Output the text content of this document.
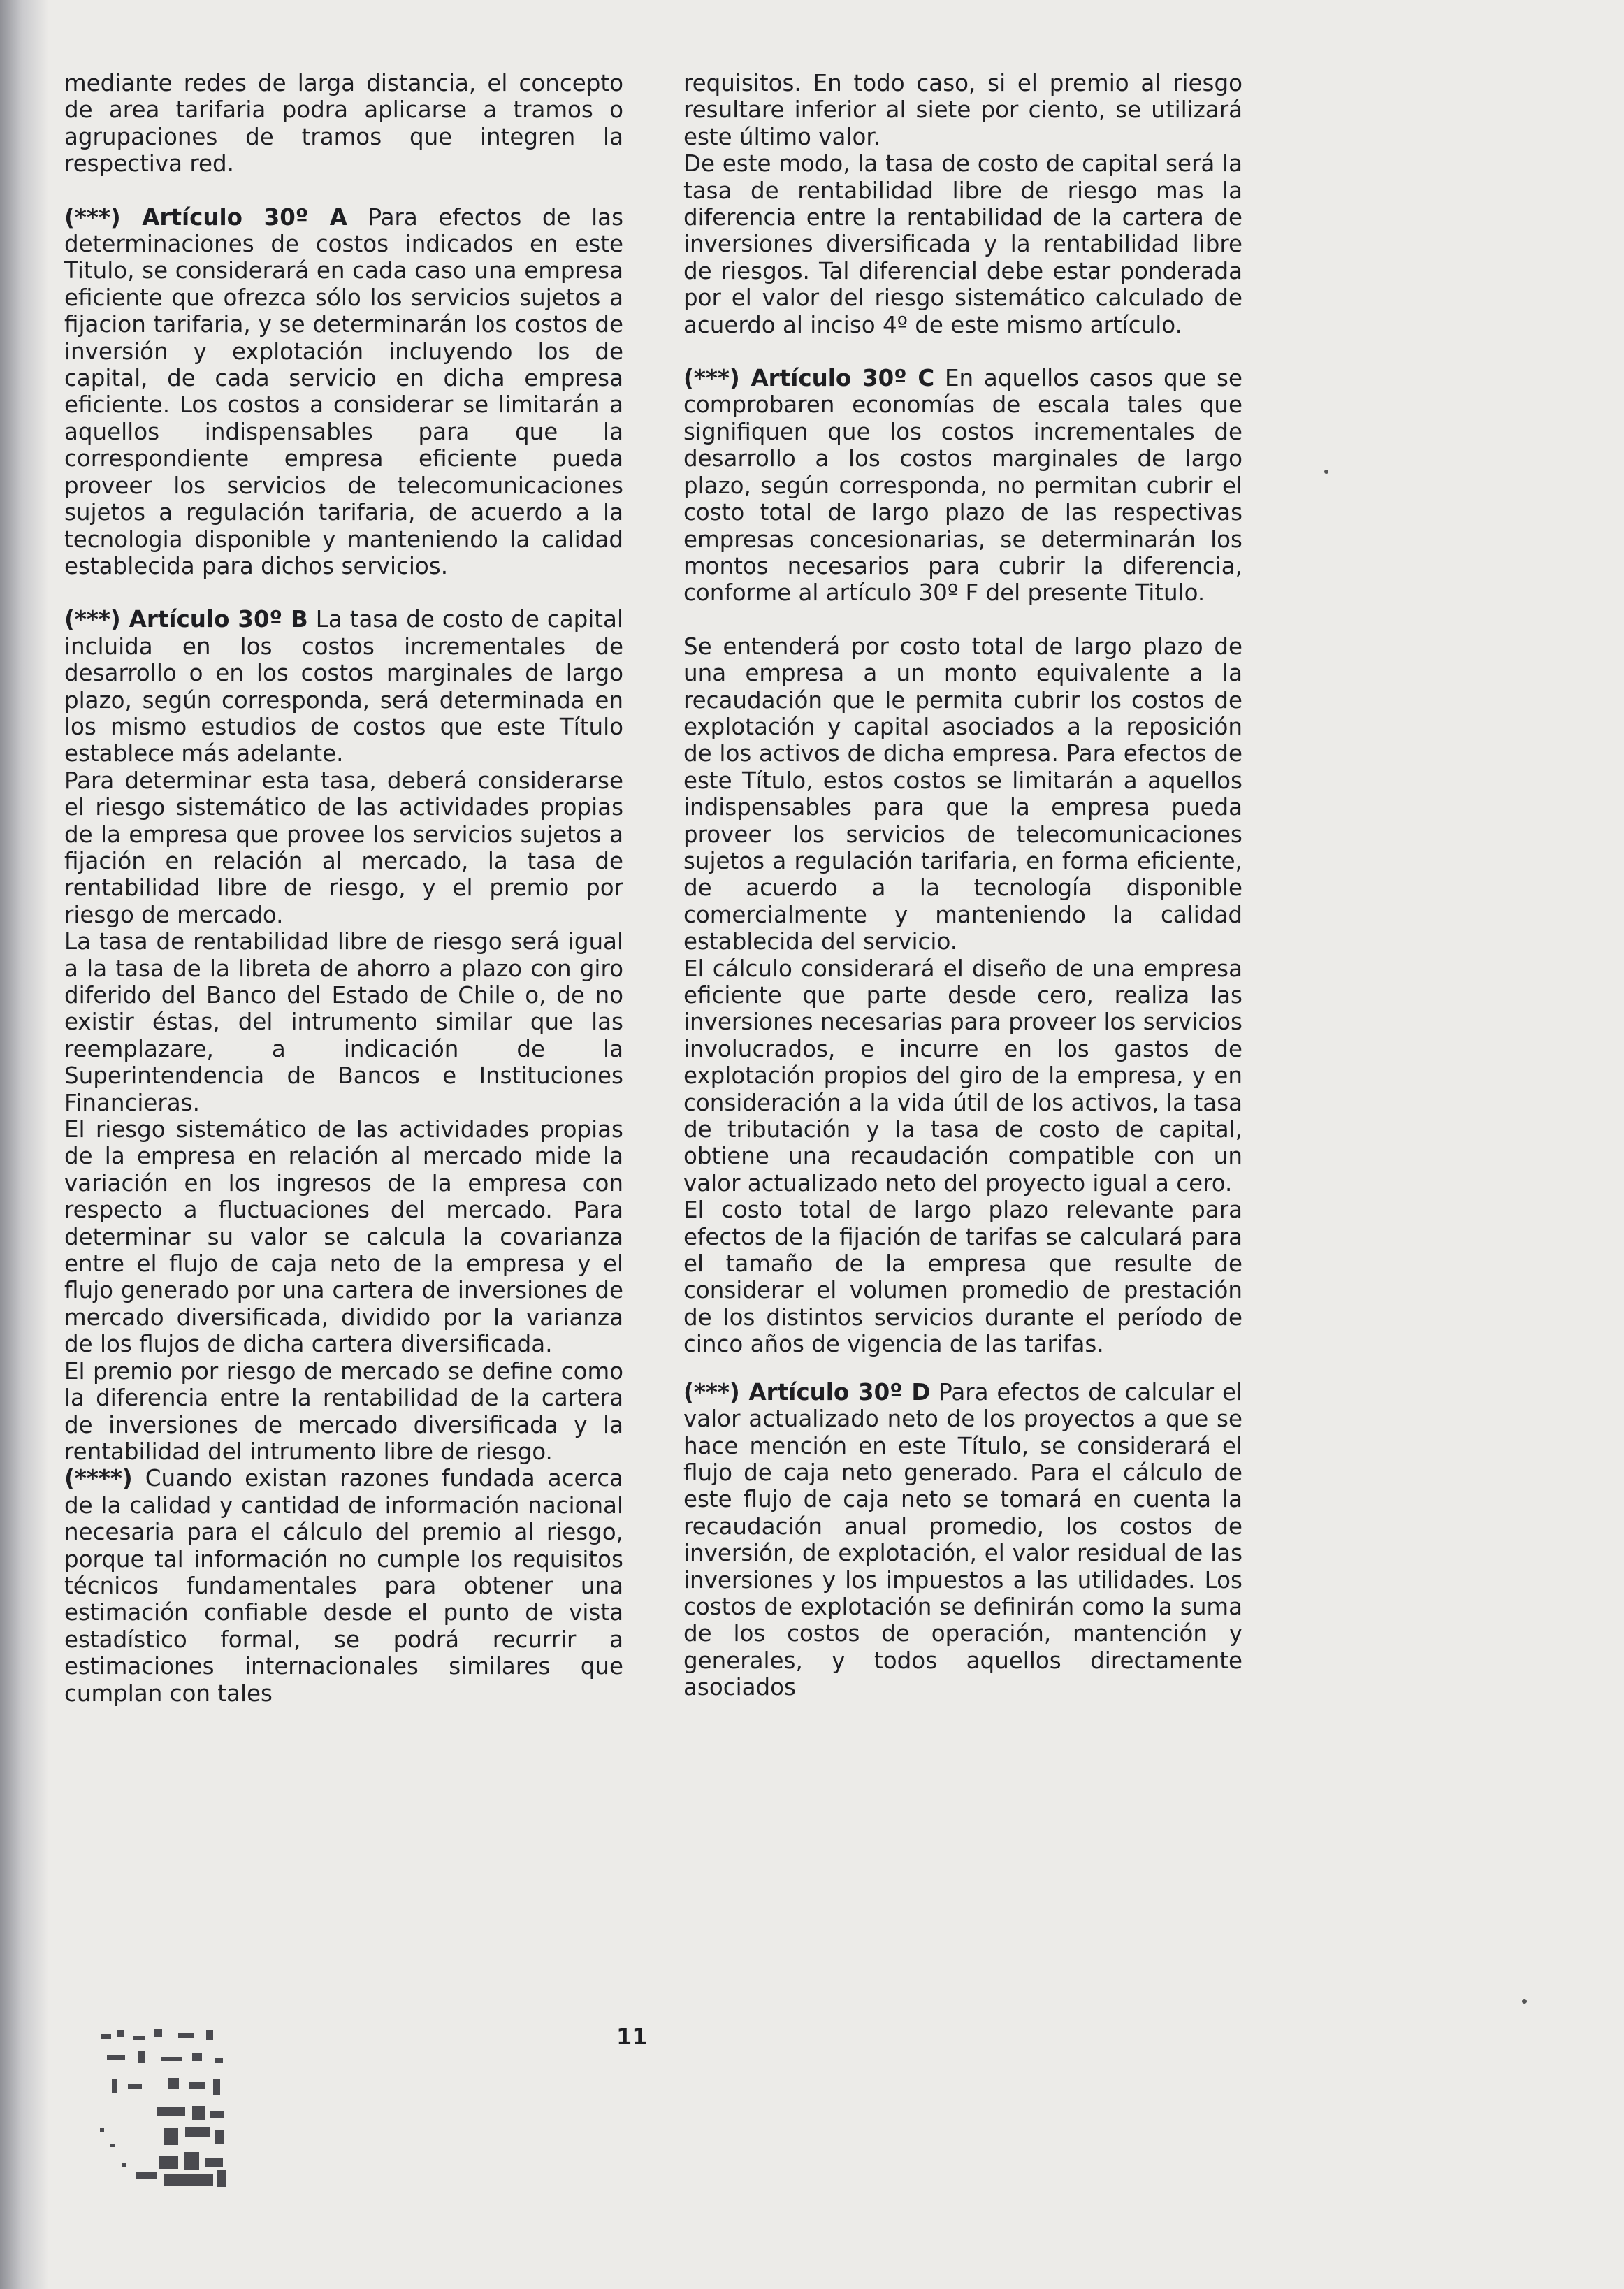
mediante redes de larga distancia, el concepto de area tarifaria podra aplicarse a tramos o agrupaciones de tramos que integren la respectiva red.

(***) Artículo 30º A Para efectos de las determinaciones de costos indicados en este Titulo, se considerará en cada caso una empresa eficiente que ofrezca sólo los servicios sujetos a fijacion tarifaria, y se determinarán los costos de inversión y explotación incluyendo los de capital, de cada servicio en dicha empresa eficiente. Los costos a considerar se limitarán a aquellos indispensables para que la correspondiente empresa eficiente pueda proveer los servicios de telecomunicaciones sujetos a regulación tarifaria, de acuerdo a la tecnologia disponible y manteniendo la calidad establecida para dichos servicios.

(***) Artículo 30º B La tasa de costo de capital incluida en los costos incrementales de desarrollo o en los costos marginales de largo plazo, según corresponda, será determinada en los mismo estudios de costos que este Título establece más adelante.

Para determinar esta tasa, deberá considerarse el riesgo sistemático de las actividades propias de la empresa que provee los servicios sujetos a fijación en relación al mercado, la tasa de rentabilidad libre de riesgo, y el premio por riesgo de mercado.

La tasa de rentabilidad libre de riesgo será igual a la tasa de la libreta de ahorro a plazo con giro diferido del Banco del Estado de Chile o, de no existir éstas, del intrumento similar que las reemplazare, a indicación de la Superintendencia de Bancos e Instituciones Financieras.

El riesgo sistemático de las actividades propias de la empresa en relación al mercado mide la variación en los ingresos de la empresa con respecto a fluctuaciones del mercado. Para determinar su valor se calcula la covarianza entre el flujo de caja neto de la empresa y el flujo generado por una cartera de inversiones de mercado diversificada, dividido por la varianza de los flujos de dicha cartera diversificada.

El premio por riesgo de mercado se define como la diferencia entre la rentabilidad de la cartera de inversiones de mercado diversificada y la rentabilidad del intrumento libre de riesgo.

(****) Cuando existan razones fundada acerca de la calidad y cantidad de información nacional necesaria para el cálculo del premio al riesgo, porque tal información no cumple los requisitos técnicos fundamentales para obtener una estimación confiable desde el punto de vista estadístico formal, se podrá recurrir a estimaciones internacionales similares que cumplan con tales

requisitos. En todo caso, si el premio al riesgo resultare inferior al siete por ciento, se utilizará este último valor.

De este modo, la tasa de costo de capital será la tasa de rentabilidad libre de riesgo mas la diferencia entre la rentabilidad de la cartera de inversiones diversificada y la rentabilidad libre de riesgos. Tal diferencial debe estar ponderada por el valor del riesgo sistemático calculado de acuerdo al inciso 4º de este mismo artículo.

(***) Artículo 30º C En aquellos casos que se comprobaren economías de escala tales que signifiquen que los costos incrementales de desarrollo a los costos marginales de largo plazo, según corresponda, no permitan cubrir el costo total de largo plazo de las respectivas empresas concesionarias, se determinarán los montos necesarios para cubrir la diferencia, conforme al artículo 30º F del presente Titulo.

Se entenderá por costo total de largo plazo de una empresa a un monto equivalente a la recaudación que le permita cubrir los costos de explotación y capital asociados a la reposición de los activos de dicha empresa. Para efectos de este Título, estos costos se limitarán a aquellos indispensables para que la empresa pueda proveer los servicios de telecomunicaciones sujetos a regulación tarifaria, en forma eficiente, de acuerdo a la tecnología disponible comercialmente y manteniendo la calidad establecida del servicio.

El cálculo considerará el diseño de una empresa eficiente que parte desde cero, realiza las inversiones necesarias para proveer los servicios involucrados, e incurre en los gastos de explotación propios del giro de la empresa, y en consideración a la vida útil de los activos, la tasa de tributación y la tasa de costo de capital, obtiene una recaudación compatible con un valor actualizado neto del proyecto igual a cero.

El costo total de largo plazo relevante para efectos de la fijación de tarifas se calculará para el tamaño de la empresa que resulte de considerar el volumen promedio de prestación de los distintos servicios durante el período de cinco años de vigencia de las tarifas.

(***) Artículo 30º D Para efectos de calcular el valor actualizado neto de los proyectos a que se hace mención en este Título, se considerará el flujo de caja neto generado. Para el cálculo de este flujo de caja neto se tomará en cuenta la recaudación anual promedio, los costos de inversión, de explotación, el valor residual de las inversiones y los impuestos a las utilidades. Los costos de explotación se definirán como la suma de los costos de operación, mantención y generales, y todos aquellos directamente asociados

11
